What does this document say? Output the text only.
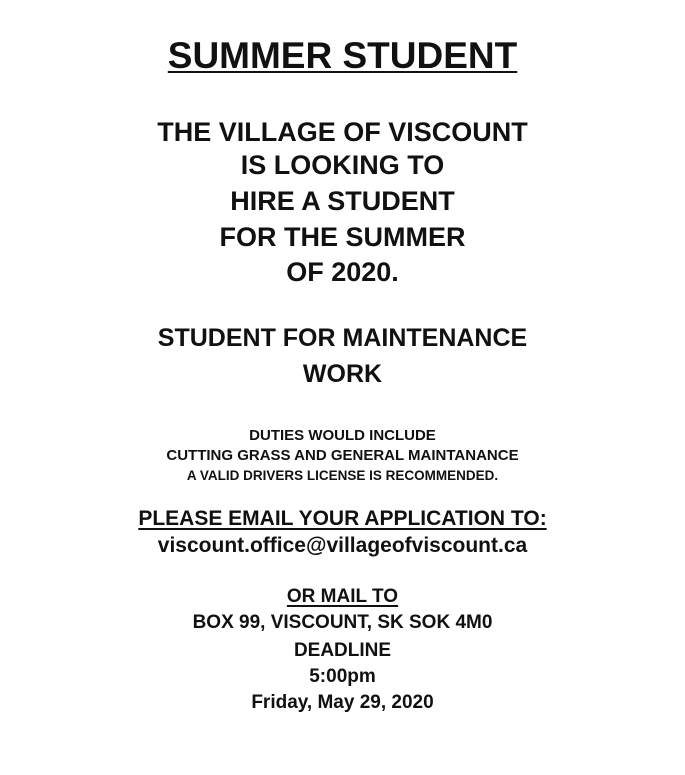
SUMMER STUDENT
THE VILLAGE OF VISCOUNT
IS LOOKING TO
HIRE A STUDENT
FOR THE SUMMER
OF 2020.
STUDENT FOR MAINTENANCE
WORK
DUTIES WOULD INCLUDE
CUTTING GRASS AND GENERAL MAINTANANCE
A VALID DRIVERS LICENSE IS RECOMMENDED.
PLEASE EMAIL YOUR APPLICATION TO:
viscount.office@villageofviscount.ca
OR MAIL TO
BOX 99, VISCOUNT, SK SOK 4M0
DEADLINE
5:00pm
Friday, May 29, 2020
